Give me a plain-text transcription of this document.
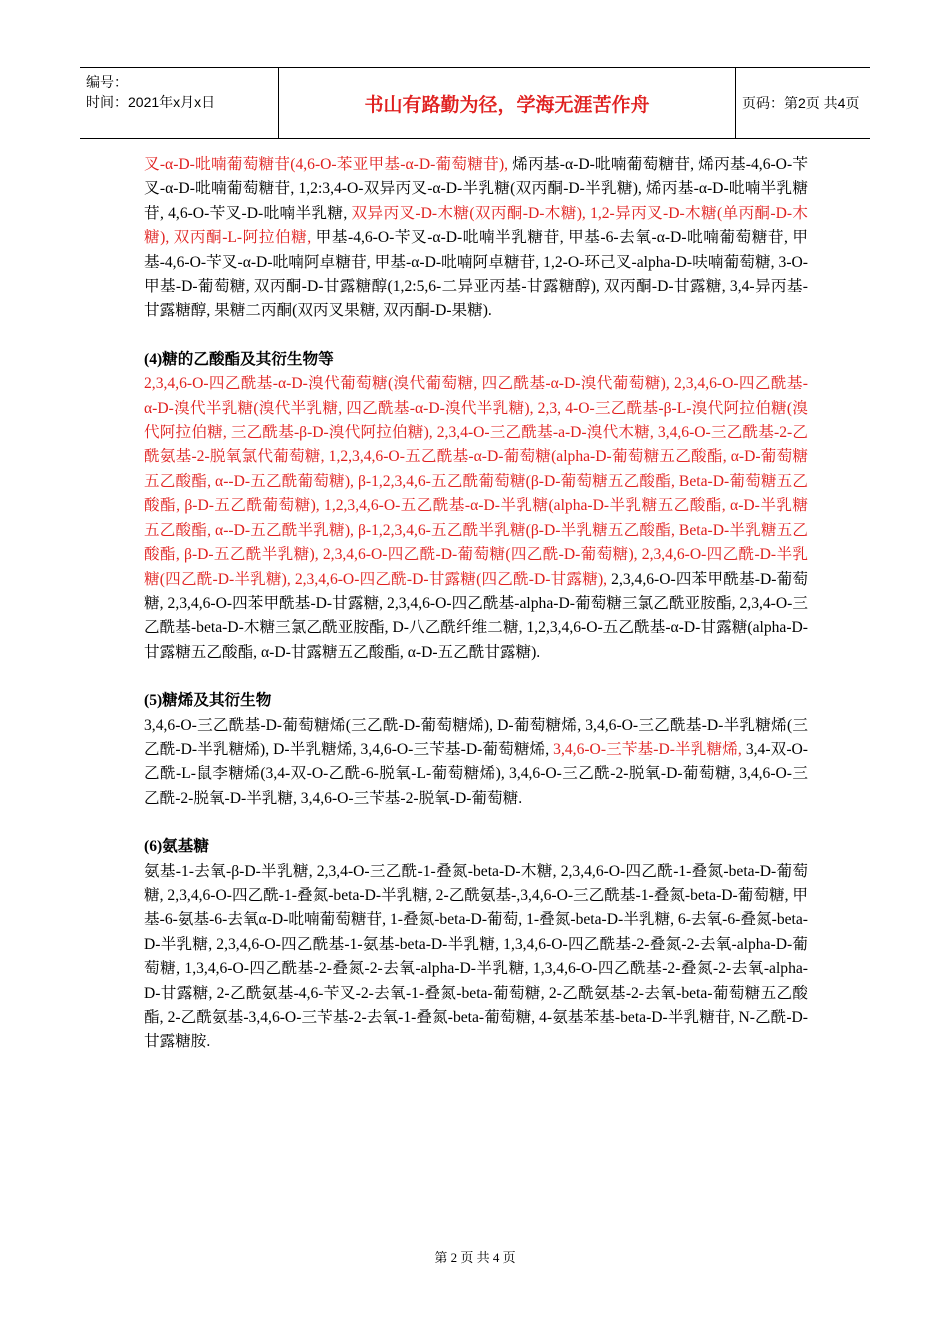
编号：
时间：2021年x月x日	书山有路勤为径，学海无涯苦作舟	页码：第2页 共4页

叉-α-D-吡喃葡萄糖苷(4,6-O-苯亚甲基-α-D-葡萄糖苷), 烯丙基-α-D-吡喃葡萄糖苷, 烯丙基-4,6-O-苄叉-α-D-吡喃葡萄糖苷, 1,2:3,4-O-双异丙叉-α-D-半乳糖(双丙酮-D-半乳糖), 烯丙基-α-D-吡喃半乳糖苷, 4,6-O-苄叉-D-吡喃半乳糖, 双异丙叉-D-木糖(双丙酮-D-木糖), 1,2-异丙叉-D-木糖(单丙酮-D-木糖), 双丙酮-L-阿拉伯糖, 甲基-4,6-O-苄叉-α-D-吡喃半乳糖苷, 甲基-6-去氧-α-D-吡喃葡萄糖苷, 甲基-4,6-O-苄叉-α-D-吡喃阿卓糖苷, 甲基-α-D-吡喃阿卓糖苷, 1,2-O-环己叉-alpha-D-呋喃葡萄糖, 3-O-甲基-D-葡萄糖, 双丙酮-D-甘露糖醇(1,2:5,6-二异亚丙基-甘露糖醇), 双丙酮-D-甘露糖, 3,4-异丙基-甘露糖醇, 果糖二丙酮(双丙叉果糖, 双丙酮-D-果糖).

(4)糖的乙酸酯及其衍生物等

2,3,4,6-O-四乙酰基-α-D-溴代葡萄糖(溴代葡萄糖, 四乙酰基-α-D-溴代葡萄糖), 2,3,4,6-O-四乙酰基-α-D-溴代半乳糖(溴代半乳糖, 四乙酰基-α-D-溴代半乳糖), 2,3, 4-O-三乙酰基-β-L-溴代阿拉伯糖(溴代阿拉伯糖, 三乙酰基-β-D-溴代阿拉伯糖), 2,3,4-O-三乙酰基-a-D-溴代木糖, 3,4,6-O-三乙酰基-2-乙酰氨基-2-脱氧氯代葡萄糖, 1,2,3,4,6-O-五乙酰基-α-D-葡萄糖(alpha-D-葡萄糖五乙酸酯, α-D-葡萄糖五乙酸酯, α--D-五乙酰葡萄糖), β-1,2,3,4,6-五乙酰葡萄糖(β-D-葡萄糖五乙酸酯, Beta-D-葡萄糖五乙酸酯, β-D-五乙酰葡萄糖), 1,2,3,4,6-O-五乙酰基-α-D-半乳糖(alpha-D-半乳糖五乙酸酯, α-D-半乳糖五乙酸酯, α--D-五乙酰半乳糖), β-1,2,3,4,6-五乙酰半乳糖(β-D-半乳糖五乙酸酯, Beta-D-半乳糖五乙酸酯, β-D-五乙酰半乳糖), 2,3,4,6-O-四乙酰-D-葡萄糖(四乙酰-D-葡萄糖), 2,3,4,6-O-四乙酰-D-半乳糖(四乙酰-D-半乳糖), 2,3,4,6-O-四乙酰-D-甘露糖(四乙酰-D-甘露糖), 2,3,4,6-O-四苯甲酰基-D-葡萄糖, 2,3,4,6-O-四苯甲酰基-D-甘露糖, 2,3,4,6-O-四乙酰基-alpha-D-葡萄糖三氯乙酰亚胺酯, 2,3,4-O-三乙酰基-beta-D-木糖三氯乙酰亚胺酯, D-八乙酰纤维二糖, 1,2,3,4,6-O-五乙酰基-α-D-甘露糖(alpha-D-甘露糖五乙酸酯, α-D-甘露糖五乙酸酯, α-D-五乙酰甘露糖).

(5)糖烯及其衍生物

3,4,6-O-三乙酰基-D-葡萄糖烯(三乙酰-D-葡萄糖烯), D-葡萄糖烯, 3,4,6-O-三乙酰基-D-半乳糖烯(三乙酰-D-半乳糖烯), D-半乳糖烯, 3,4,6-O-三苄基-D-葡萄糖烯, 3,4,6-O-三苄基-D-半乳糖烯, 3,4-双-O-乙酰-L-鼠李糖烯(3,4-双-O-乙酰-6-脱氧-L-葡萄糖烯), 3,4,6-O-三乙酰-2-脱氧-D-葡萄糖, 3,4,6-O-三乙酰-2-脱氧-D-半乳糖, 3,4,6-O-三苄基-2-脱氧-D-葡萄糖.

(6)氨基糖

氨基-1-去氧-β-D-半乳糖, 2,3,4-O-三乙酰-1-叠氮-beta-D-木糖, 2,3,4,6-O-四乙酰-1-叠氮-beta-D-葡萄糖, 2,3,4,6-O-四乙酰-1-叠氮-beta-D-半乳糖, 2-乙酰氨基-,3,4,6-O-三乙酰基-1-叠氮-beta-D-葡萄糖, 甲基-6-氨基-6-去氧α-D-吡喃葡萄糖苷, 1-叠氮-beta-D-葡萄, 1-叠氮-beta-D-半乳糖, 6-去氧-6-叠氮-beta-D-半乳糖, 2,3,4,6-O-四乙酰基-1-氨基-beta-D-半乳糖, 1,3,4,6-O-四乙酰基-2-叠氮-2-去氧-alpha-D-葡萄糖, 1,3,4,6-O-四乙酰基-2-叠氮-2-去氧-alpha-D-半乳糖, 1,3,4,6-O-四乙酰基-2-叠氮-2-去氧-alpha-D-甘露糖, 2-乙酰氨基-4,6-苄叉-2-去氧-1-叠氮-beta-葡萄糖, 2-乙酰氨基-2-去氧-beta-葡萄糖五乙酸酯, 2-乙酰氨基-3,4,6-O-三苄基-2-去氧-1-叠氮-beta-葡萄糖, 4-氨基苯基-beta-D-半乳糖苷, N-乙酰-D-甘露糖胺.

第 2 页 共 4 页
